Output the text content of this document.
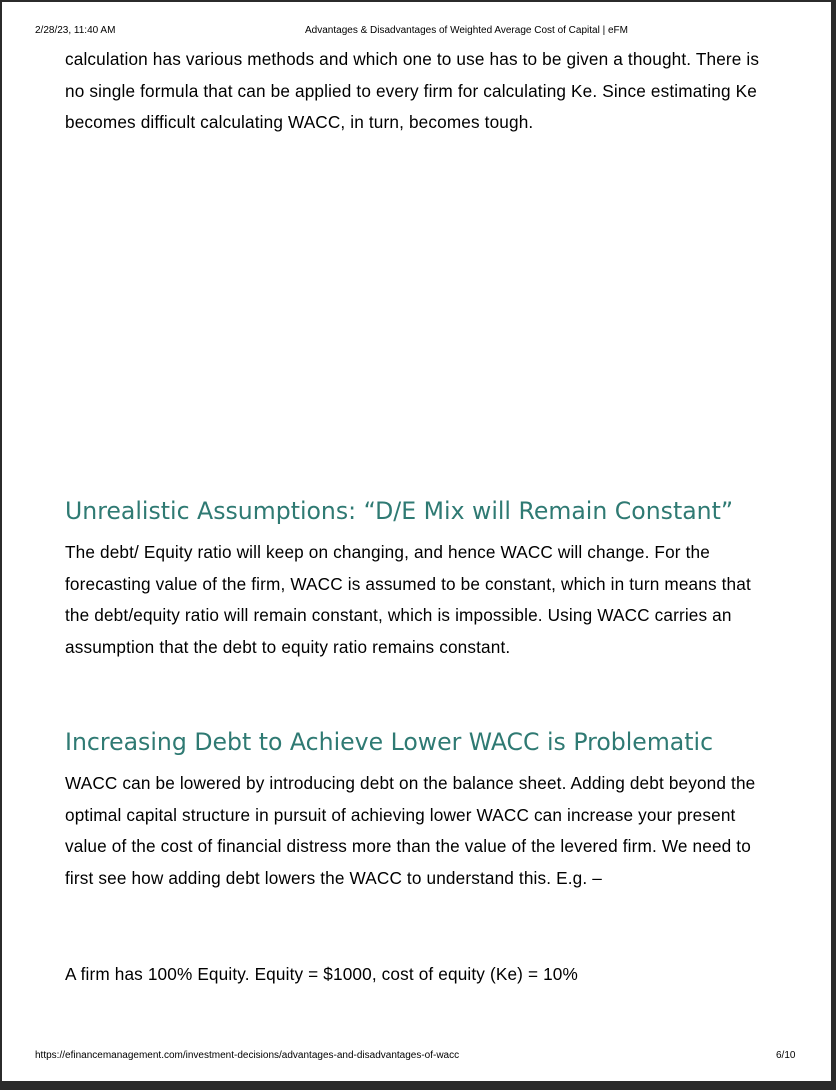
2/28/23, 11:40 AM	Advantages & Disadvantages of Weighted Average Cost of Capital | eFM

calculation has various methods and which one to use has to be given a thought. There is no single formula that can be applied to every firm for calculating Ke. Since estimating Ke becomes difficult calculating WACC, in turn, becomes tough.

Unrealistic Assumptions: “D/E Mix will Remain Constant”

The debt/ Equity ratio will keep on changing, and hence WACC will change. For the forecasting value of the firm, WACC is assumed to be constant, which in turn means that the debt/equity ratio will remain constant, which is impossible. Using WACC carries an assumption that the debt to equity ratio remains constant.

Increasing Debt to Achieve Lower WACC is Problematic

WACC can be lowered by introducing debt on the balance sheet. Adding debt beyond the optimal capital structure in pursuit of achieving lower WACC can increase your present value of the cost of financial distress more than the value of the levered firm. We need to first see how adding debt lowers the WACC to understand this. E.g. –

A firm has 100% Equity. Equity = $1000, cost of equity (Ke) = 10%

https://efinancemanagement.com/investment-decisions/advantages-and-disadvantages-of-wacc	6/10
